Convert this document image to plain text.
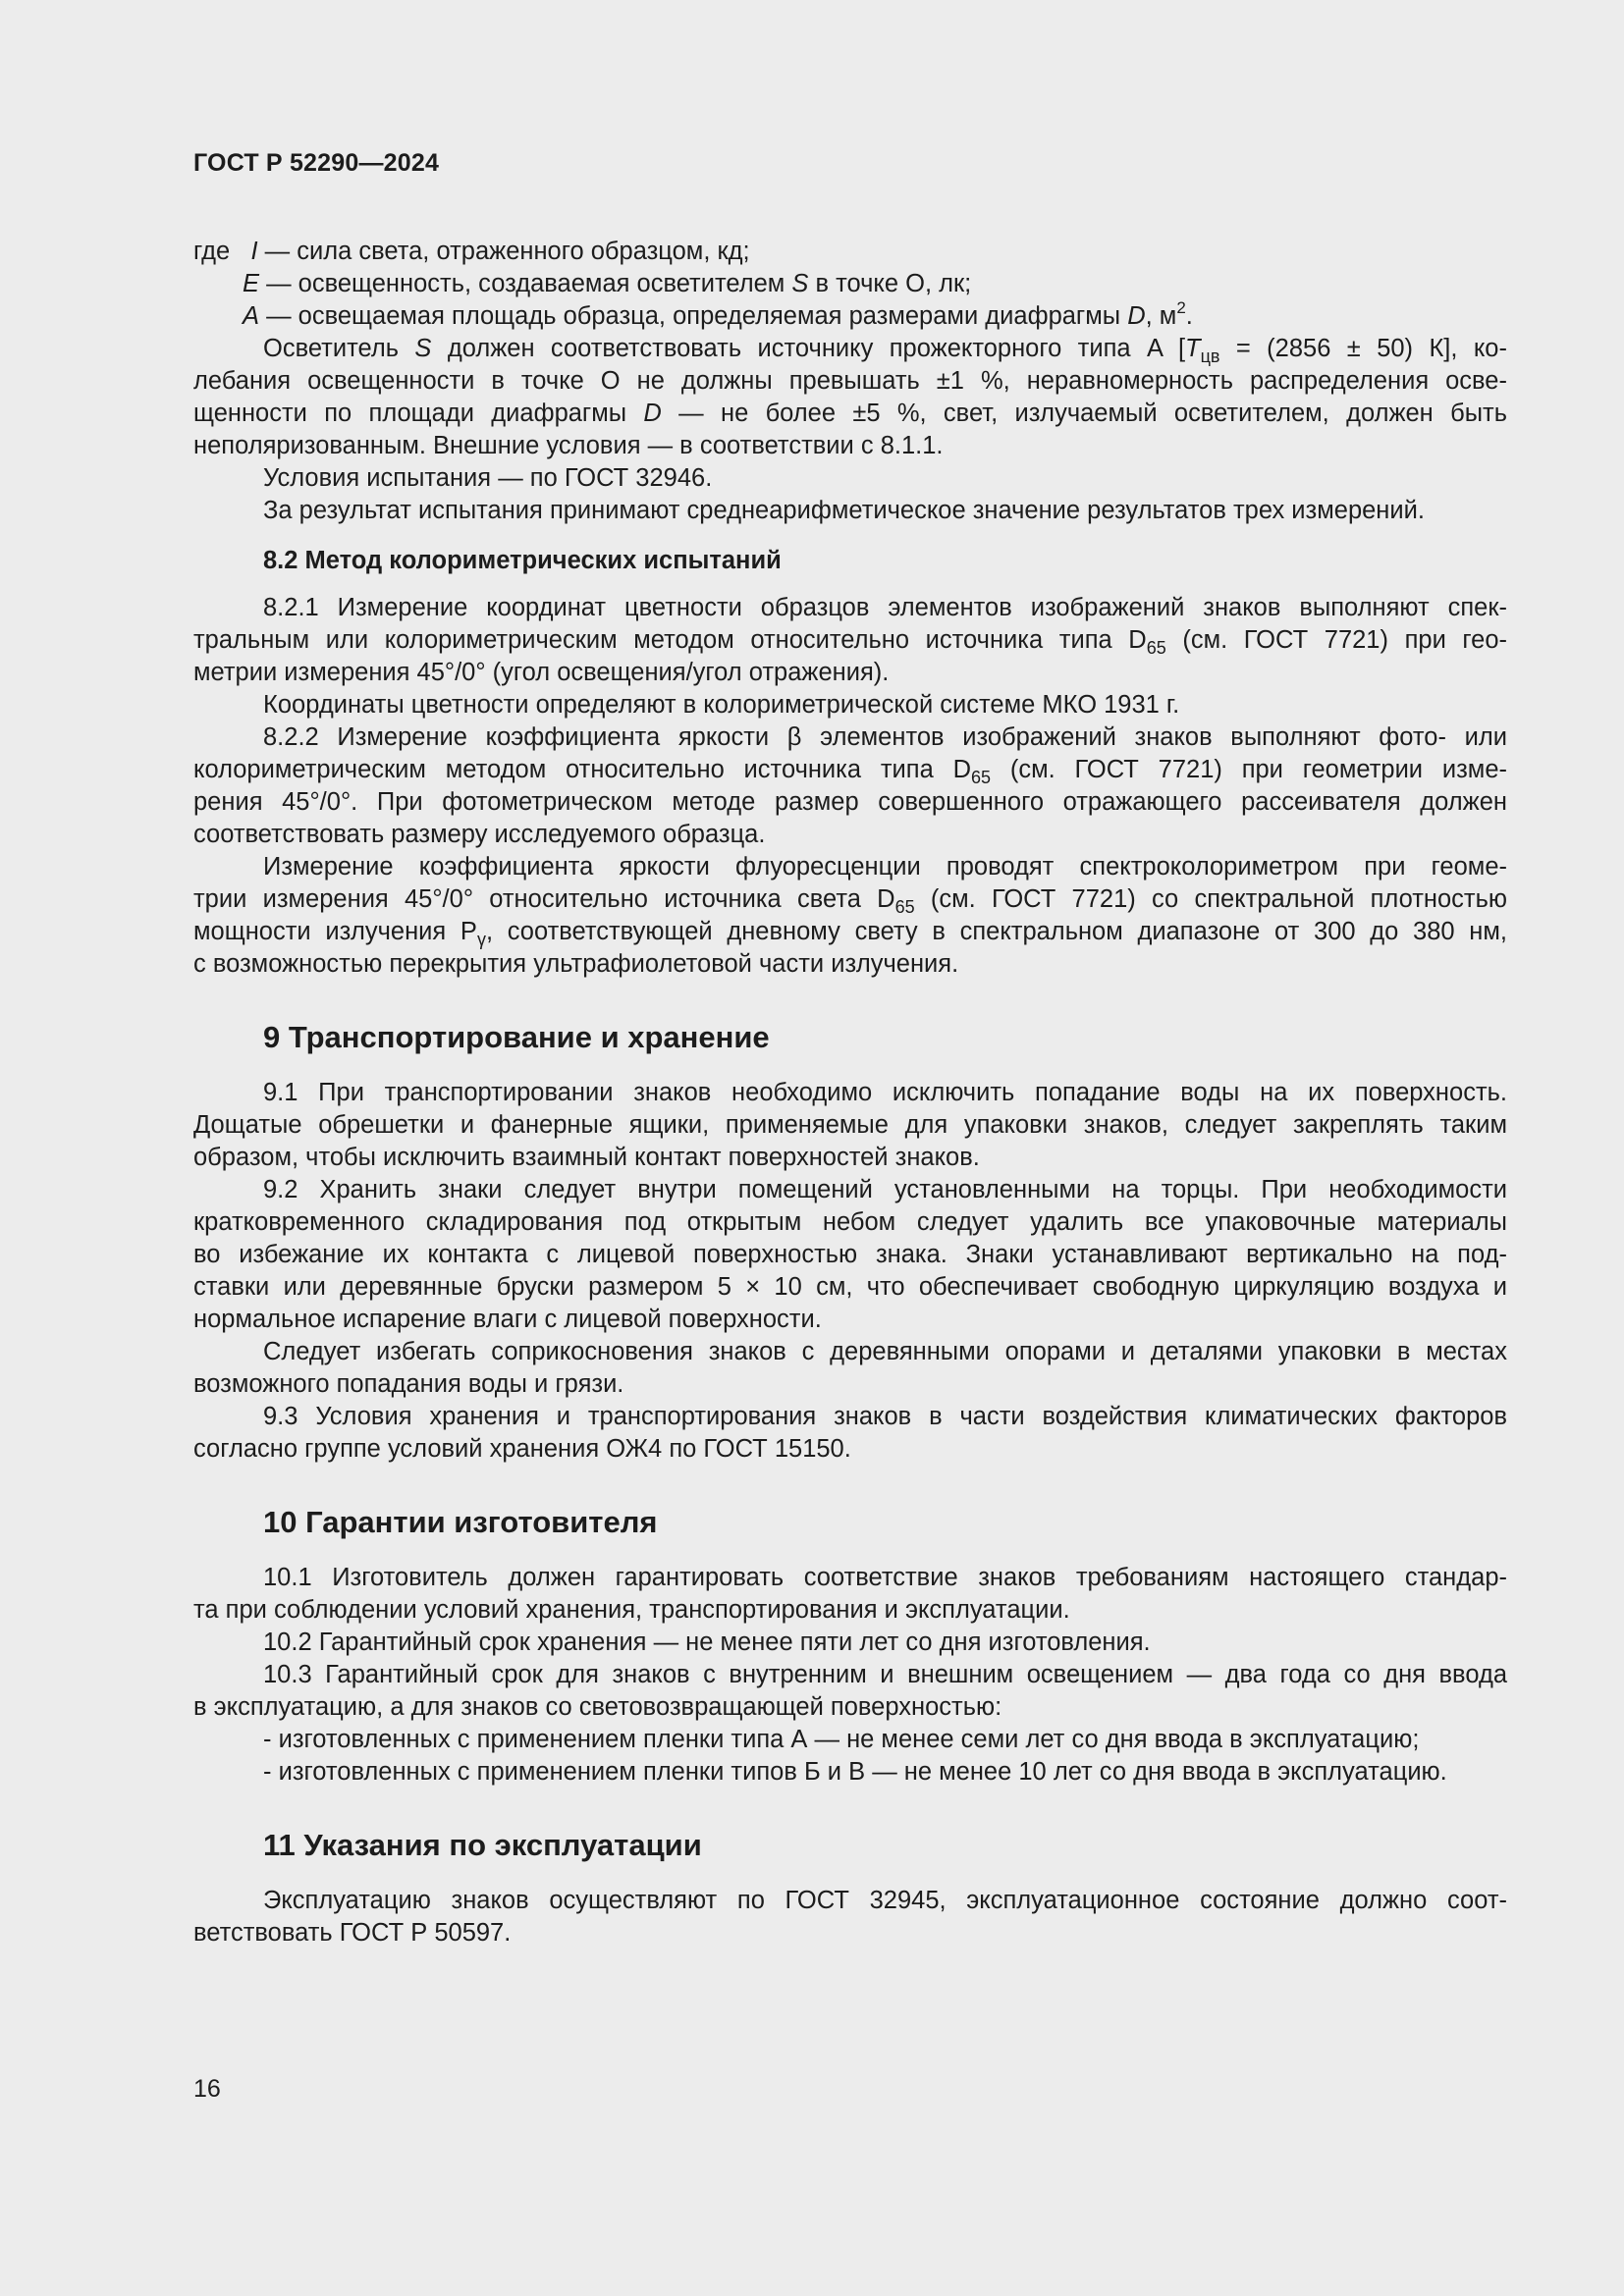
ГОСТ Р 52290—2024
где I — сила света, отраженного образцом, кд;
E — освещенность, создаваемая осветителем S в точке О, лк;
A — освещаемая площадь образца, определяемая размерами диафрагмы D, $м^2$.
Осветитель S должен соответствовать источнику прожекторного типа A [$T_{цв} = (2856 \pm 50)$ К], ко-
лебания освещенности в точке О не должны превышать ±1 %, неравномерность распределения осве-
щенности по площади диафрагмы D — не более ±5 %, свет, излучаемый осветителем, должен быть
неполяризованным. Внешние условия — в соответствии с 8.1.1.
Условия испытания — по ГОСТ 32946.
За результат испытания принимают среднеарифметическое значение результатов трех измерений.
8.2 Метод колориметрических испытаний
8.2.1 Измерение координат цветности образцов элементов изображений знаков выполняют спек-
тральным или колориметрическим методом относительно источника типа $D_{65}$ (см. ГОСТ 7721) при гео-
метрии измерения 45°/0° (угол освещения/угол отражения).
Координаты цветности определяют в колориметрической системе МКО 1931 г.
8.2.2 Измерение коэффициента яркости β элементов изображений знаков выполняют фото- или
колориметрическим методом относительно источника типа $D_{65}$ (см. ГОСТ 7721) при геометрии изме-
рения 45°/0°. При фотометрическом методе размер совершенного отражающего рассеивателя должен
соответствовать размеру исследуемого образца.
Измерение коэффициента яркости флуоресценции проводят спектроколориметром при геоме-
трии измерения 45°/0° относительно источника света $D_{65}$ (см. ГОСТ 7721) со спектральной плотностью
мощности излучения $P_\gamma$, соответствующей дневному свету в спектральном диапазоне от 300 до 380 нм,
с возможностью перекрытия ультрафиолетовой части излучения.
9 Транспортирование и хранение
9.1 При транспортировании знаков необходимо исключить попадание воды на их поверхность.
Дощатые обрешетки и фанерные ящики, применяемые для упаковки знаков, следует закреплять таким
образом, чтобы исключить взаимный контакт поверхностей знаков.
9.2 Хранить знаки следует внутри помещений установленными на торцы. При необходимости
кратковременного складирования под открытым небом следует удалить все упаковочные материалы
во избежание их контакта с лицевой поверхностью знака. Знаки устанавливают вертикально на под-
ставки или деревянные бруски размером 5 × 10 см, что обеспечивает свободную циркуляцию воздуха и
нормальное испарение влаги с лицевой поверхности.
Следует избегать соприкосновения знаков с деревянными опорами и деталями упаковки в местах
возможного попадания воды и грязи.
9.3 Условия хранения и транспортирования знаков в части воздействия климатических факторов
согласно группе условий хранения ОЖ4 по ГОСТ 15150.
10 Гарантии изготовителя
10.1 Изготовитель должен гарантировать соответствие знаков требованиям настоящего стандар-
та при соблюдении условий хранения, транспортирования и эксплуатации.
10.2 Гарантийный срок хранения — не менее пяти лет со дня изготовления.
10.3 Гарантийный срок для знаков с внутренним и внешним освещением — два года со дня ввода
в эксплуатацию, а для знаков со световозвращающей поверхностью:
- изготовленных с применением пленки типа А — не менее семи лет со дня ввода в эксплуатацию;
- изготовленных с применением пленки типов Б и В — не менее 10 лет со дня ввода в эксплуатацию.
11 Указания по эксплуатации
Эксплуатацию знаков осуществляют по ГОСТ 32945, эксплуатационное состояние должно соот-
ветствовать ГОСТ Р 50597.
16
